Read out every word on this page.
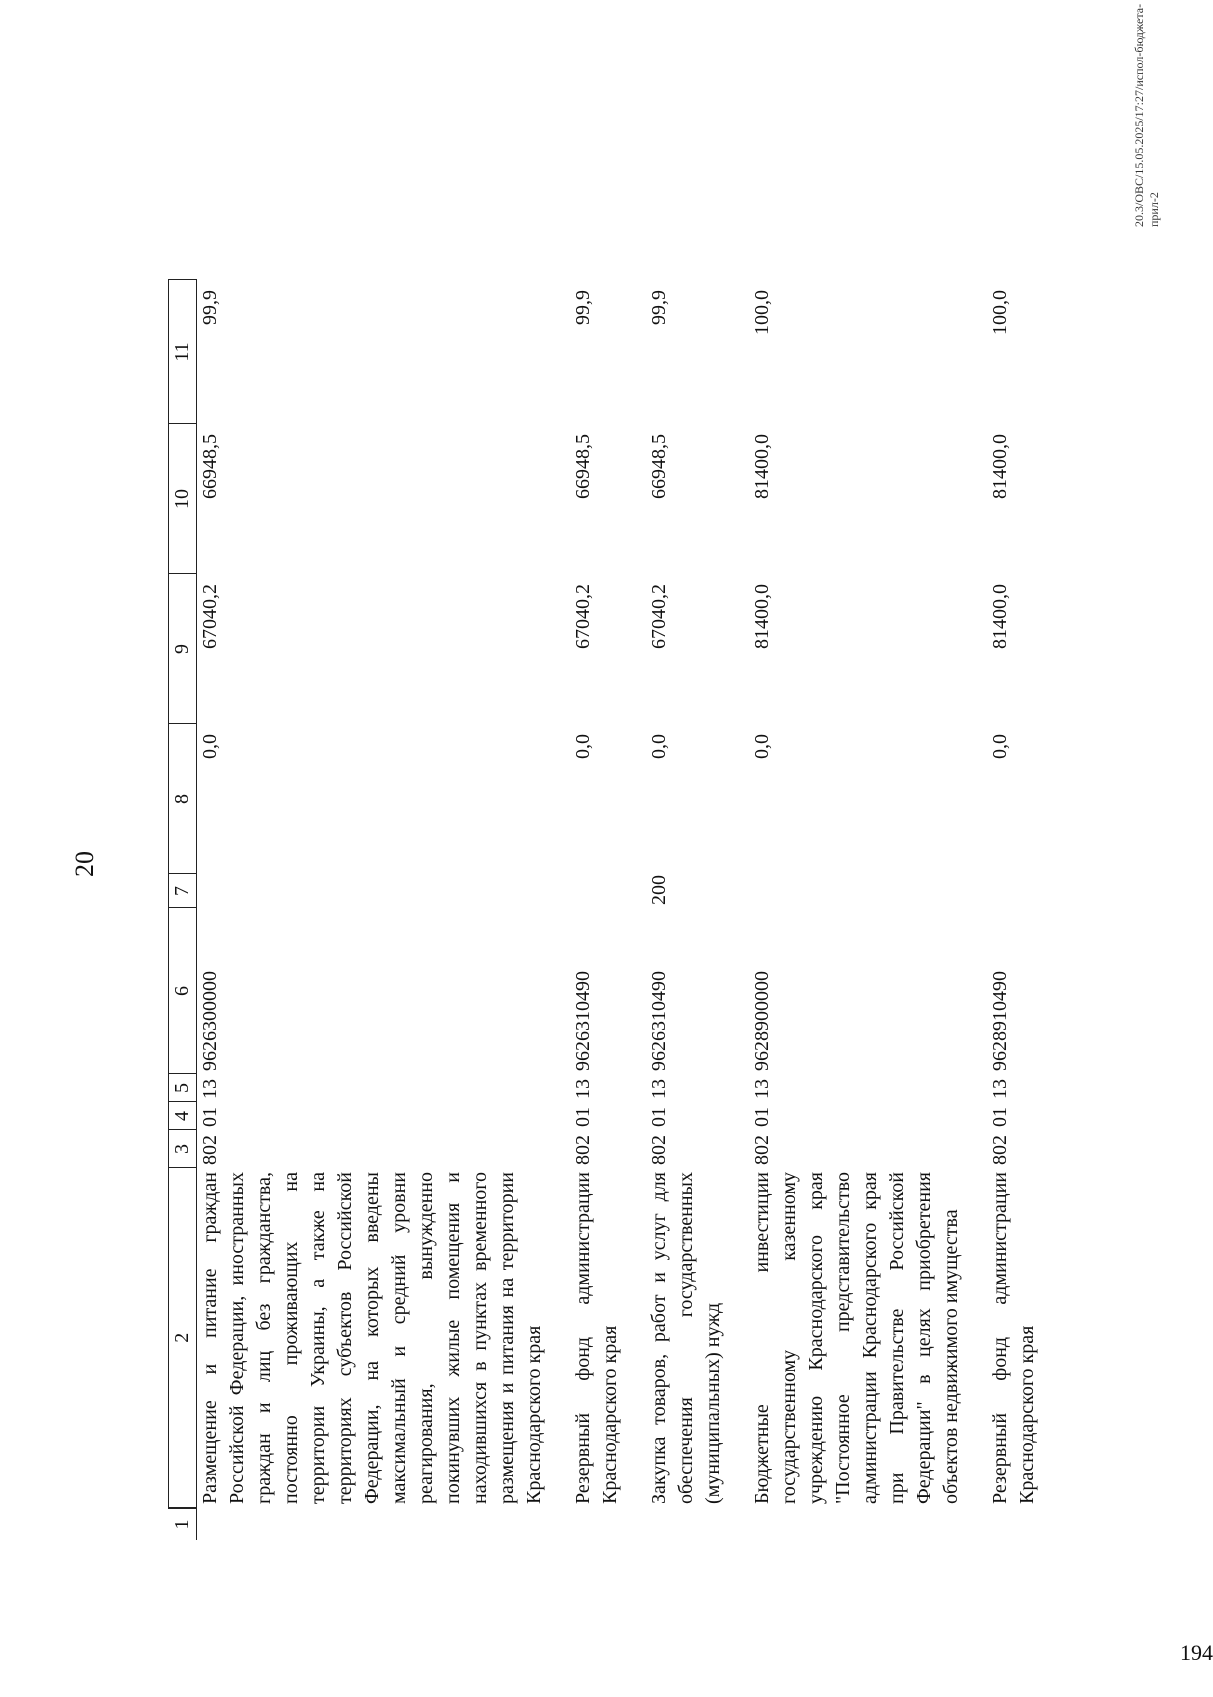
20
1	2	3	4	5	6	7	8	9	10	11
	Размещение и питание граждан Российской Федерации, иностранных граждан и лиц без гражданства, постоянно проживающих на территории Украины, а также на территориях субъектов Российской Федерации, на которых введены максимальный и средний уровни реагирования, вынужденно покинувших жилые помещения и находившихся в пунктах временного размещения и питания на территории Краснодарского края	802	01	13	9626300000		0,0	67040,2	66948,5	99,9
	Резервный фонд администрации Краснодарского края	802	01	13	9626310490		0,0	67040,2	66948,5	99,9
	Закупка товаров, работ и услуг для обеспечения государственных (муниципальных) нужд	802	01	13	9626310490	200	0,0	67040,2	66948,5	99,9
	Бюджетные инвестиции государственному казенному учреждению Краснодарского края "Постоянное представительство администрации Краснодарского края при Правительстве Российской Федерации" в целях приобретения объектов недвижимого имущества	802	01	13	9628900000		0,0	81400,0	81400,0	100,0
	Резервный фонд администрации Краснодарского края	802	01	13	9628910490		0,0	81400,0	81400,0	100,0
20.3/ОВС/15.05.2025/17:27/испол-бюджета-прил-2
194
